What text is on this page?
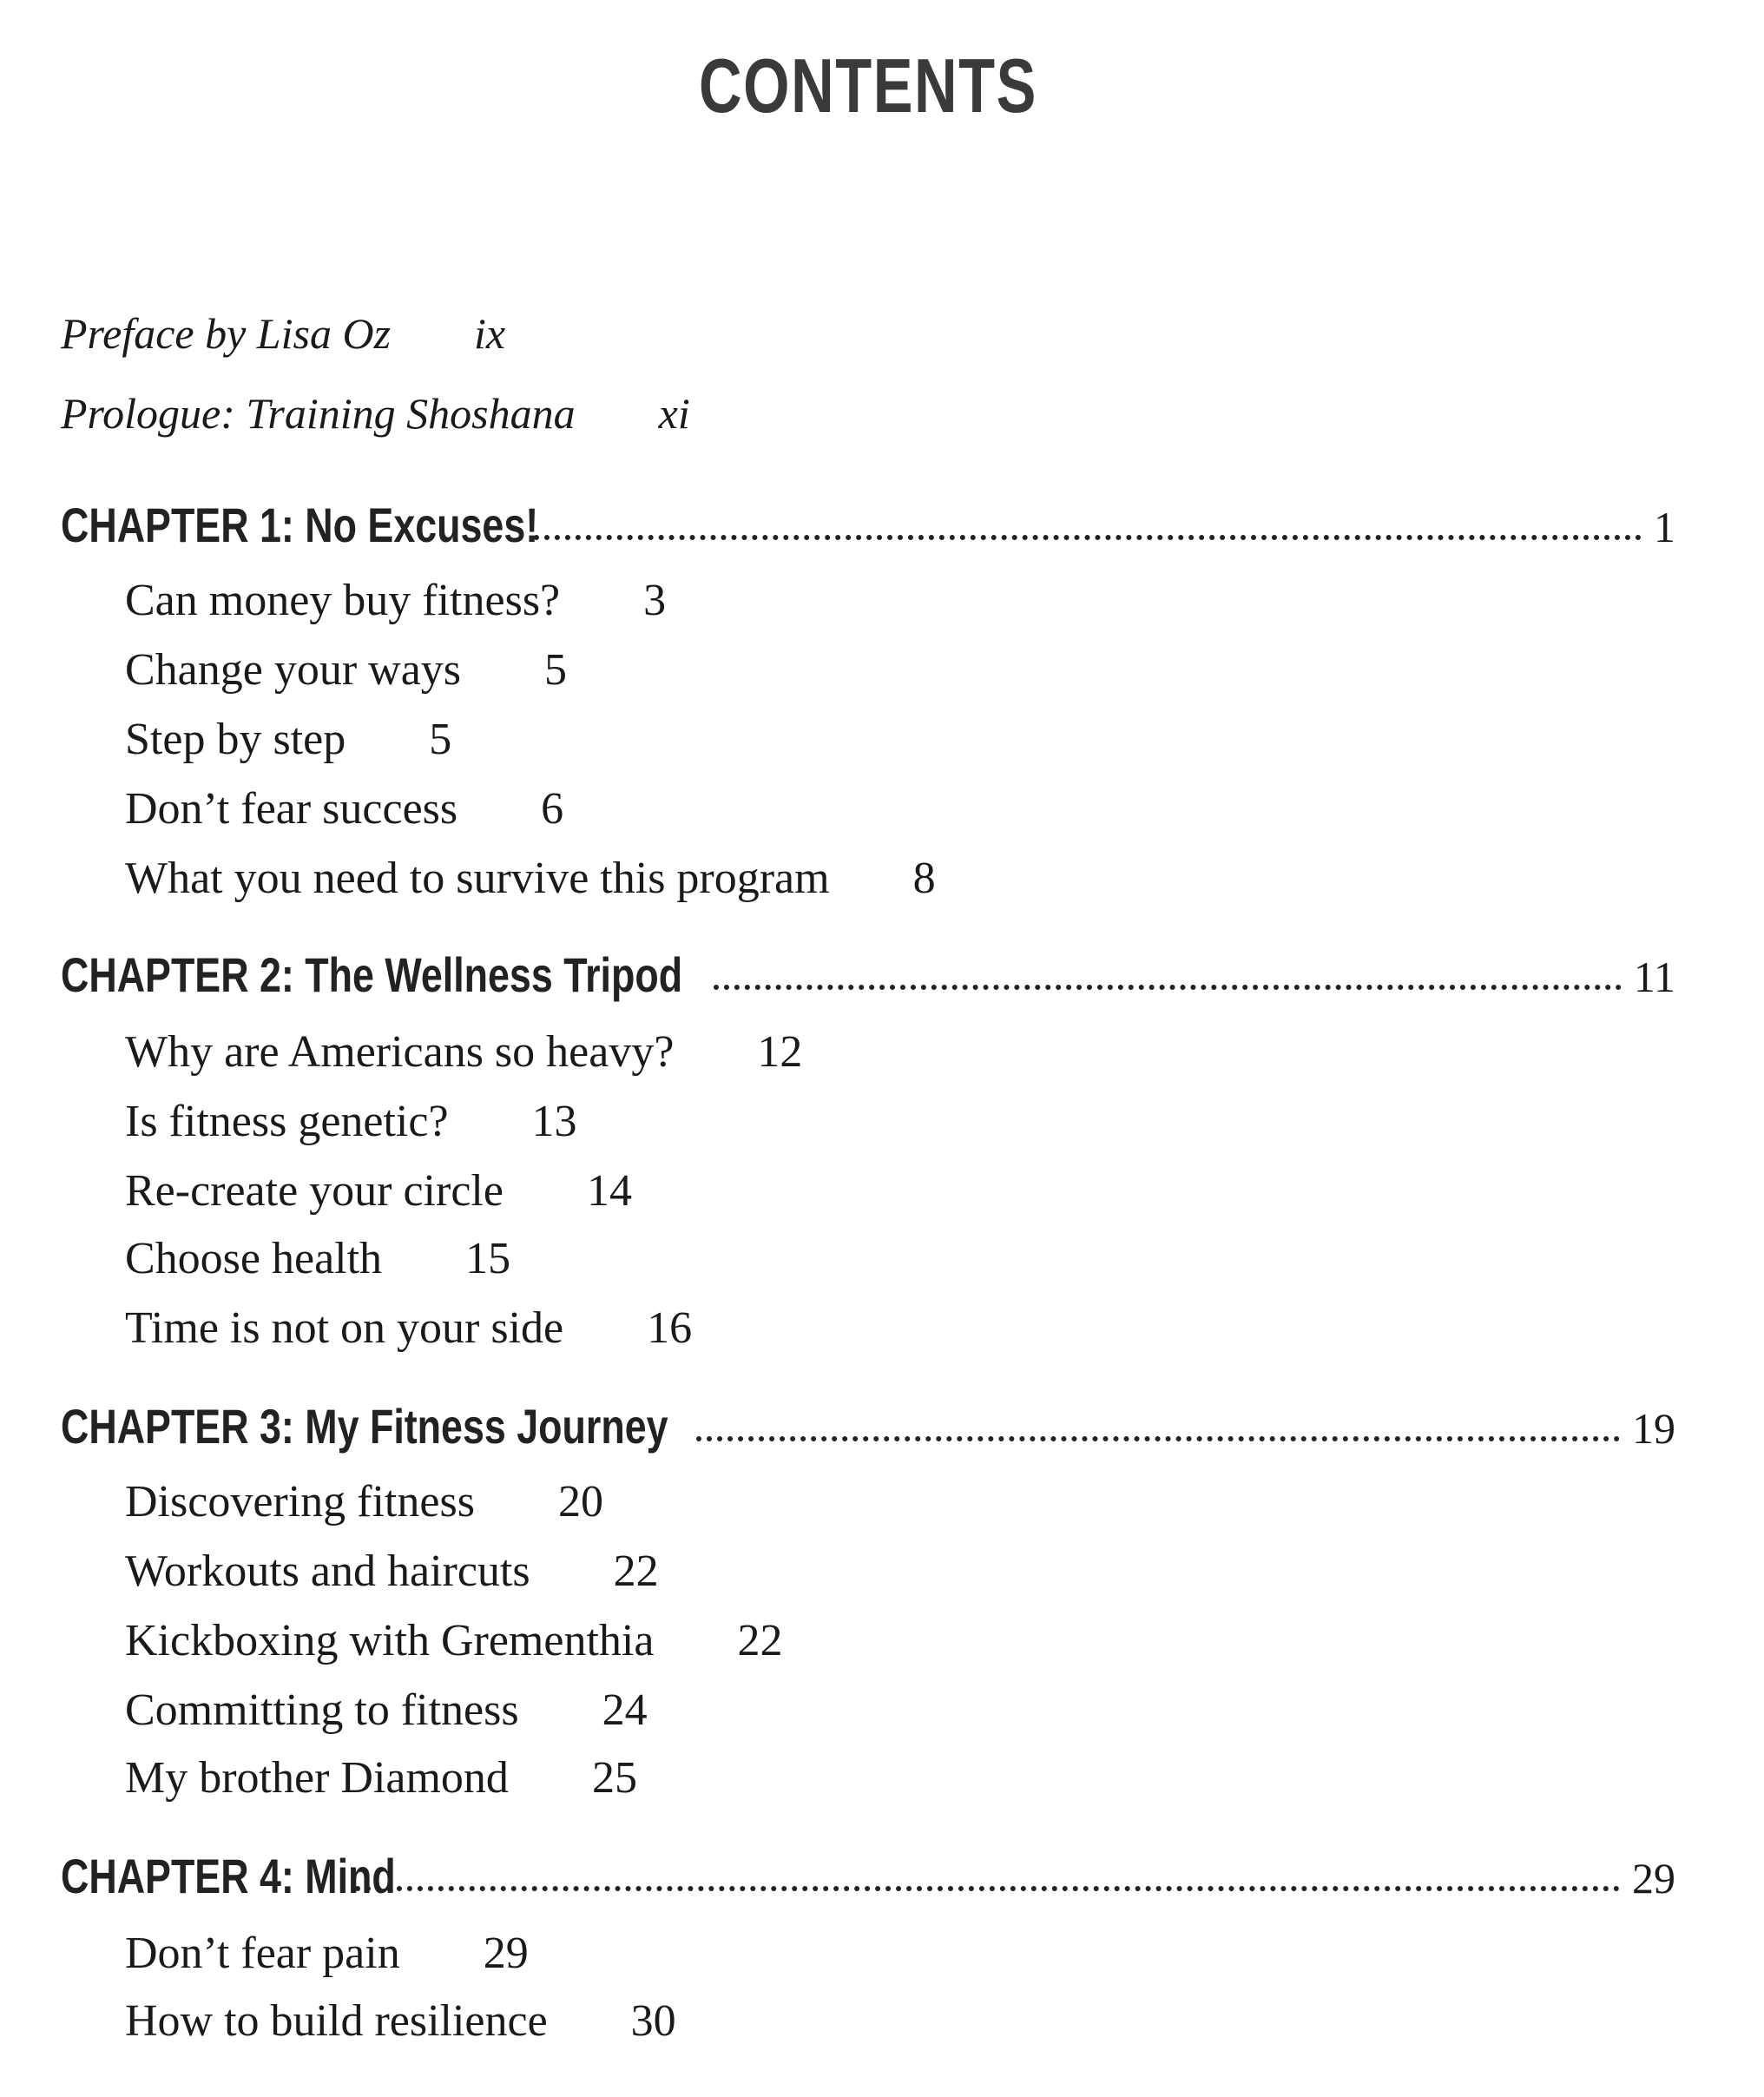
CONTENTS
Preface by Lisa Oz ix
Prologue: Training Shoshana xi
CHAPTER 1: No Excuses!	1
Can money buy fitness? 3
Change your ways 5
Step by step 5
Don’t fear success 6
What you need to survive this program 8
CHAPTER 2: The Wellness Tripod	11
Why are Americans so heavy? 12
Is fitness genetic? 13
Re-create your circle 14
Choose health 15
Time is not on your side 16
CHAPTER 3: My Fitness Journey	19
Discovering fitness 20
Workouts and haircuts 22
Kickboxing with Grementhia 22
Committing to fitness 24
My brother Diamond 25
CHAPTER 4: Mind	29
Don’t fear pain 29
How to build resilience 30
